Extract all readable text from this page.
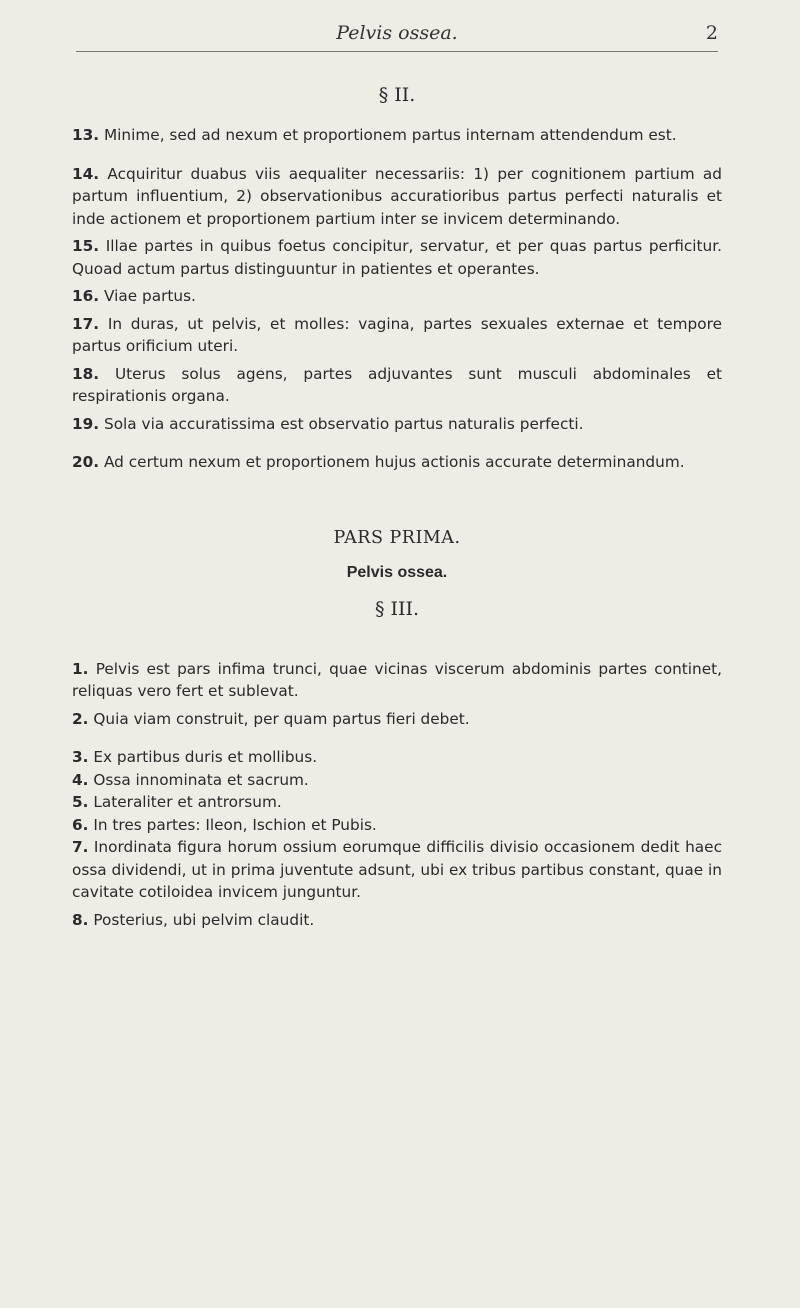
Pelvis ossea.	2
§ II.

13. Minime, sed ad nexum et proportionem partus internam attendendum est.

14. Acquiritur duabus viis aequaliter necessariis: 1) per cognitionem partium ad partum influentium, 2) observationibus accuratioribus partus perfecti naturalis et inde actionem et proportionem partium inter se invicem determinando.

15. Illae partes in quibus foetus concipitur, servatur, et per quas partus perficitur. Quoad actum partus distinguuntur in patientes et operantes.

16. Viae partus.

17. In duras, ut pelvis, et molles: vagina, partes sexuales externae et tempore partus orificium uteri.

18. Uterus solus agens, partes adjuvantes sunt musculi abdominales et respirationis organa.

19. Sola via accuratissima est observatio partus naturalis perfecti.

20. Ad certum nexum et proportionem hujus actionis accurate determinandum.

PARS PRIMA.
Pelvis ossea.
§ III.

1. Pelvis est pars infima trunci, quae vicinas viscerum abdominis partes continet, reliquas vero fert et sublevat.

2. Quia viam construit, per quam partus fieri debet.

3. Ex partibus duris et mollibus.

4. Ossa innominata et sacrum.

5. Lateraliter et antrorsum.

6. In tres partes: Ileon, Ischion et Pubis.

7. Inordinata figura horum ossium eorumque difficilis divisio occasionem dedit haec ossa dividendi, ut in prima juventute adsunt, ubi ex tribus partibus constant, quae in cavitate cotiloidea invicem junguntur.

8. Posterius, ubi pelvim claudit.
